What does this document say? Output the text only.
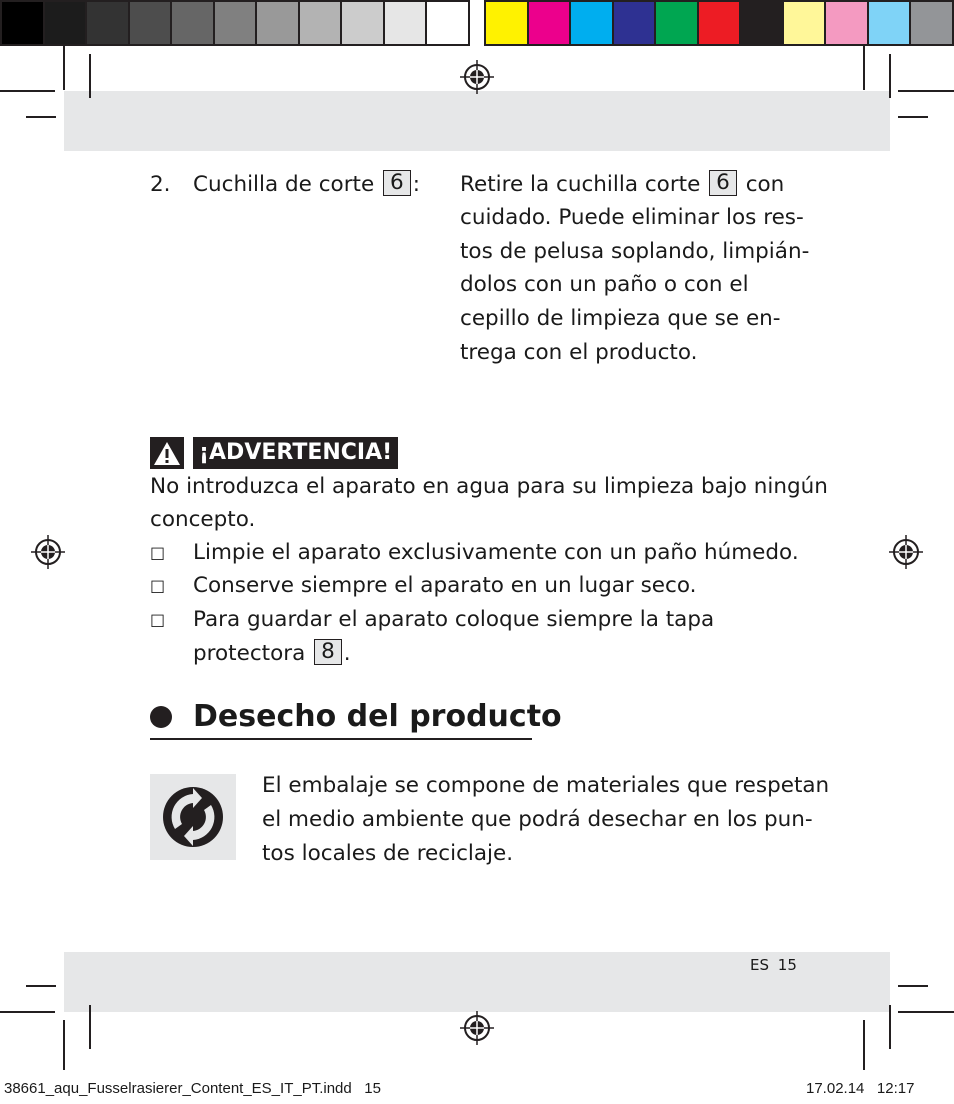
2. Cuchilla de corte 6 : Retire la cuchilla corte 6 con
cuidado. Puede eliminar los res-
tos de pelusa soplando, limpián-
dolos con un paño o con el
cepillo de limpieza que se en-
trega con el producto.
¡ADVERTENCIA!
No introduzca el aparato en agua para su limpieza bajo ningún
concepto.
□ Limpie el aparato exclusivamente con un paño húmedo.
□ Conserve siempre el aparato en un lugar seco.
□ Para guardar el aparato coloque siempre la tapa
protectora 8 .
Desecho del producto
El embalaje se compone de materiales que respetan
el medio ambiente que podrá desechar en los pun-
tos locales de reciclaje.
ES 15
38661_aqu_Fusselrasierer_Content_ES_IT_PT.indd   15	17.02.14   12:17
